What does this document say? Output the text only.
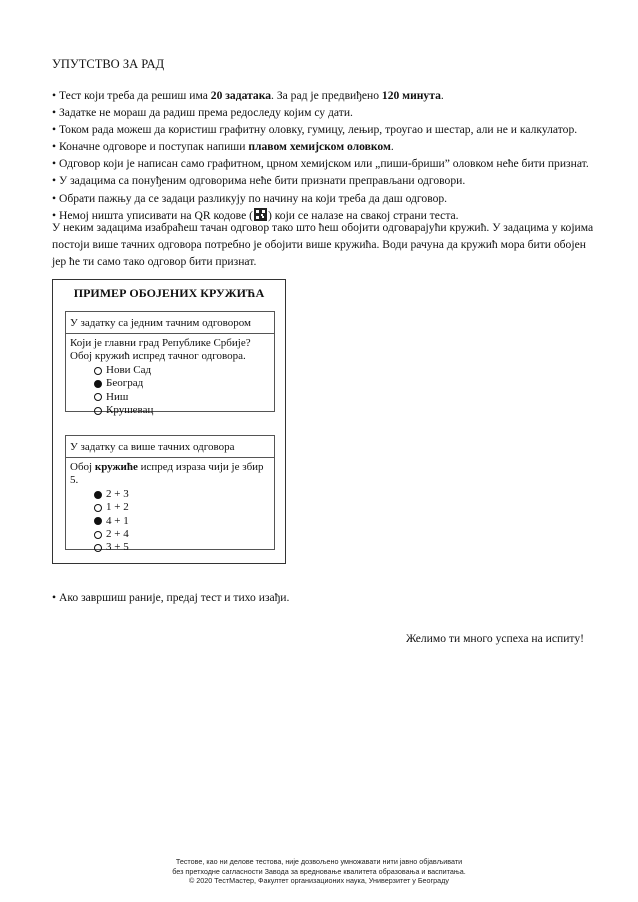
УПУТСТВО ЗА РАД
• Тест који треба да решиш има 20 задатака. За рад је предвиђено 120 минута.
• Задатке не мораш да радиш према редоследу којим су дати.
• Током рада можеш да користиш графитну оловку, гумицу, лењир, троугао и шестар, али не и калкулатор.
• Коначне одговоре и поступак напиши плавом хемијском оловком.
• Одговор који је написан само графитном, црном хемијском или „пиши-бриши” оловком неће бити признат.
• У задацима са понуђеним одговорима неће бити признати преправљани одговори.
• Обрати пажњу да се задаци разликују по начину на који треба да даш одговор.
• Немој ништа уписивати на QR кодове ( ) који се налазе на свакој страни теста.
У неким задацима изабраћеш тачан одговор тако што ћеш обојити одговарајући кружић. У задацима у којима постоји више тачних одговора потребно је обојити више кружића. Води рачуна да кружић мора бити обојен јер ће ти само тако одговор бити признат.
ПРИМЕР ОБОЈЕНИХ КРУЖИЋА
У задатку са једним тачним одговором
Који је главни град Републике Србије?
Обој кружић испред тачног одговора.
Нови Сад
Београд
Ниш
Крушевац
У задатку са више тачних одговора
Обој кружиће испред израза чији је збир 5.
2 + 3
1 + 2
4 + 1
2 + 4
3 + 5
• Ако завршиш раније, предај тест и тихо изађи.
Желимо ти много успеха на испиту!
Тестове, као ни делове тестова, није дозвољено умножавати нити јавно објављивати
без претходне сагласности Завода за вредновање квалитета образовања и васпитања.
© 2020 ТестМастер, Факултет организационих наука, Универзитет у Београду
